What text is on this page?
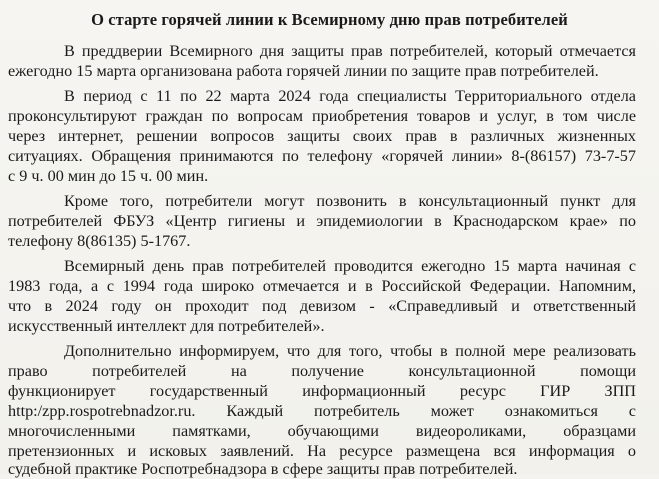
О старте горячей линии к Всемирному дню прав потребителей
В преддверии Всемирного дня защиты прав потребителей, который отмечается
ежегодно 15 марта организована работа горячей линии по защите прав потребителей.
В период с 11 по 22 марта 2024 года специалисты Территориального отдела
проконсультируют граждан по вопросам приобретения товаров и услуг, в том числе
через интернет, решении вопросов защиты своих прав в различных жизненных
ситуациях. Обращения принимаются по телефону «горячей линии» 8-(86157) 73-7-57
с 9 ч. 00 мин до 15 ч. 00 мин.
Кроме того, потребители могут позвонить в консультационный пункт для
потребителей ФБУЗ «Центр гигиены и эпидемиологии в Краснодарском крае» по
телефону 8(86135) 5-1767.
Всемирный день прав потребителей проводится ежегодно 15 марта начиная с
1983 года, а с 1994 года широко отмечается и в Российской Федерации. Напомним,
что в 2024 году он проходит под девизом - «Справедливый и ответственный
искусственный интеллект для потребителей».
Дополнительно информируем, что для того, чтобы в полной мере реализовать
право потребителей на получение консультационной помощи
функционирует государственный информационный ресурс ГИР ЗПП
http:/zpp.rospotrebnadzor.ru. Каждый потребитель может ознакомиться с
многочисленными памятками, обучающими видеороликами, образцами
претензионных и исковых заявлений. На ресурсе размещена вся информация о
судебной практике Роспотребнадзора в сфере защиты прав потребителей.
